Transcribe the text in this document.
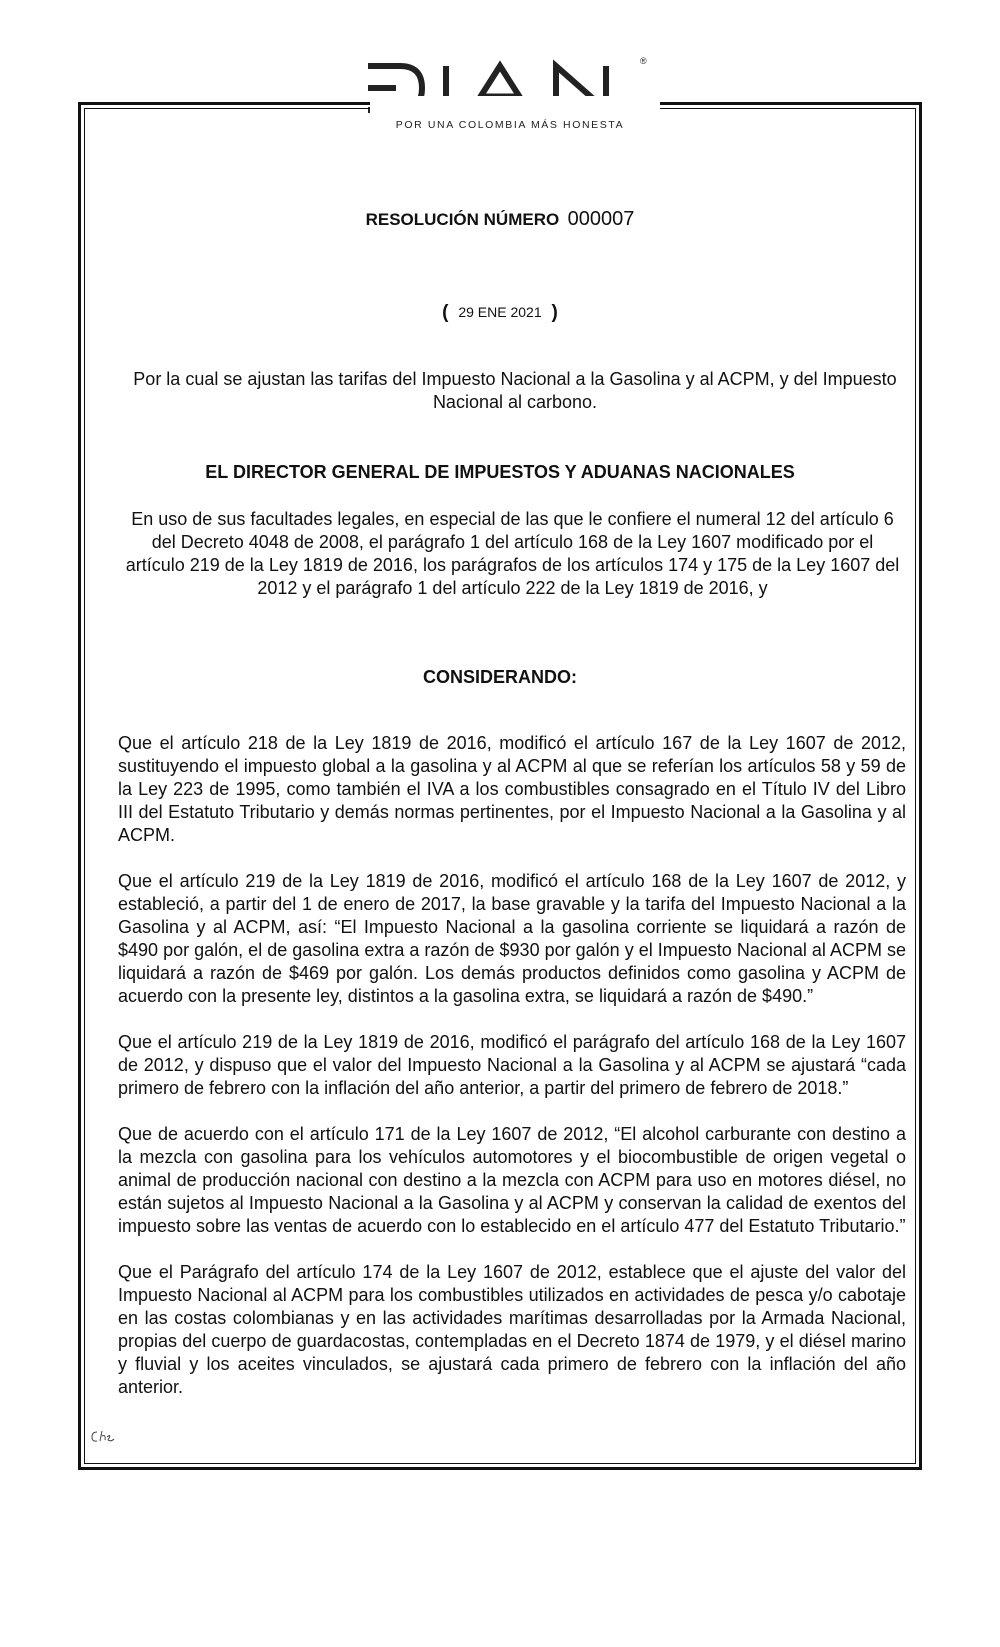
®
POR UNA COLOMBIA MÁS HONESTA
RESOLUCIÓN NÚMERO 000007
( 29 ENE 2021 )
Por la cual se ajustan las tarifas del Impuesto Nacional a la Gasolina y al ACPM, y del Impuesto Nacional al carbono.
EL DIRECTOR GENERAL DE IMPUESTOS Y ADUANAS NACIONALES
En uso de sus facultades legales, en especial de las que le confiere el numeral 12 del artículo 6 del Decreto 4048 de 2008, el parágrafo 1 del artículo 168 de la Ley 1607 modificado por el artículo 219 de la Ley 1819 de 2016, los parágrafos de los artículos 174 y 175 de la Ley 1607 del 2012 y el parágrafo 1 del artículo 222 de la Ley 1819 de 2016, y
CONSIDERANDO:

Que el artículo 218 de la Ley 1819 de 2016, modificó el artículo 167 de la Ley 1607 de 2012, sustituyendo el impuesto global a la gasolina y al ACPM al que se referían los artículos 58 y 59 de la Ley 223 de 1995, como también el IVA a los combustibles consagrado en el Título IV del Libro III del Estatuto Tributario y demás normas pertinentes, por el Impuesto Nacional a la Gasolina y al ACPM.

Que el artículo 219 de la Ley 1819 de 2016, modificó el artículo 168 de la Ley 1607 de 2012, y estableció, a partir del 1 de enero de 2017, la base gravable y la tarifa del Impuesto Nacional a la Gasolina y al ACPM, así: “El Impuesto Nacional a la gasolina corriente se liquidará a razón de $490 por galón, el de gasolina extra a razón de $930 por galón y el Impuesto Nacional al ACPM se liquidará a razón de $469 por galón. Los demás productos definidos como gasolina y ACPM de acuerdo con la presente ley, distintos a la gasolina extra, se liquidará a razón de $490.”

Que el artículo 219 de la Ley 1819 de 2016, modificó el parágrafo del artículo 168 de la Ley 1607 de 2012, y dispuso que el valor del Impuesto Nacional a la Gasolina y al ACPM se ajustará “cada primero de febrero con la inflación del año anterior, a partir del primero de febrero de 2018.”

Que de acuerdo con el artículo 171 de la Ley 1607 de 2012, “El alcohol carburante con destino a la mezcla con gasolina para los vehículos automotores y el biocombustible de origen vegetal o animal de producción nacional con destino a la mezcla con ACPM para uso en motores diésel, no están sujetos al Impuesto Nacional a la Gasolina y al ACPM y conservan la calidad de exentos del impuesto sobre las ventas de acuerdo con lo establecido en el artículo 477 del Estatuto Tributario.”

Que el Parágrafo del artículo 174 de la Ley 1607 de 2012, establece que el ajuste del valor del Impuesto Nacional al ACPM para los combustibles utilizados en actividades de pesca y/o cabotaje en las costas colombianas y en las actividades marítimas desarrolladas por la Armada Nacional, propias del cuerpo de guardacostas, contempladas en el Decreto 1874 de 1979, y el diésel marino y fluvial y los aceites vinculados, se ajustará cada primero de febrero con la inflación del año anterior.
